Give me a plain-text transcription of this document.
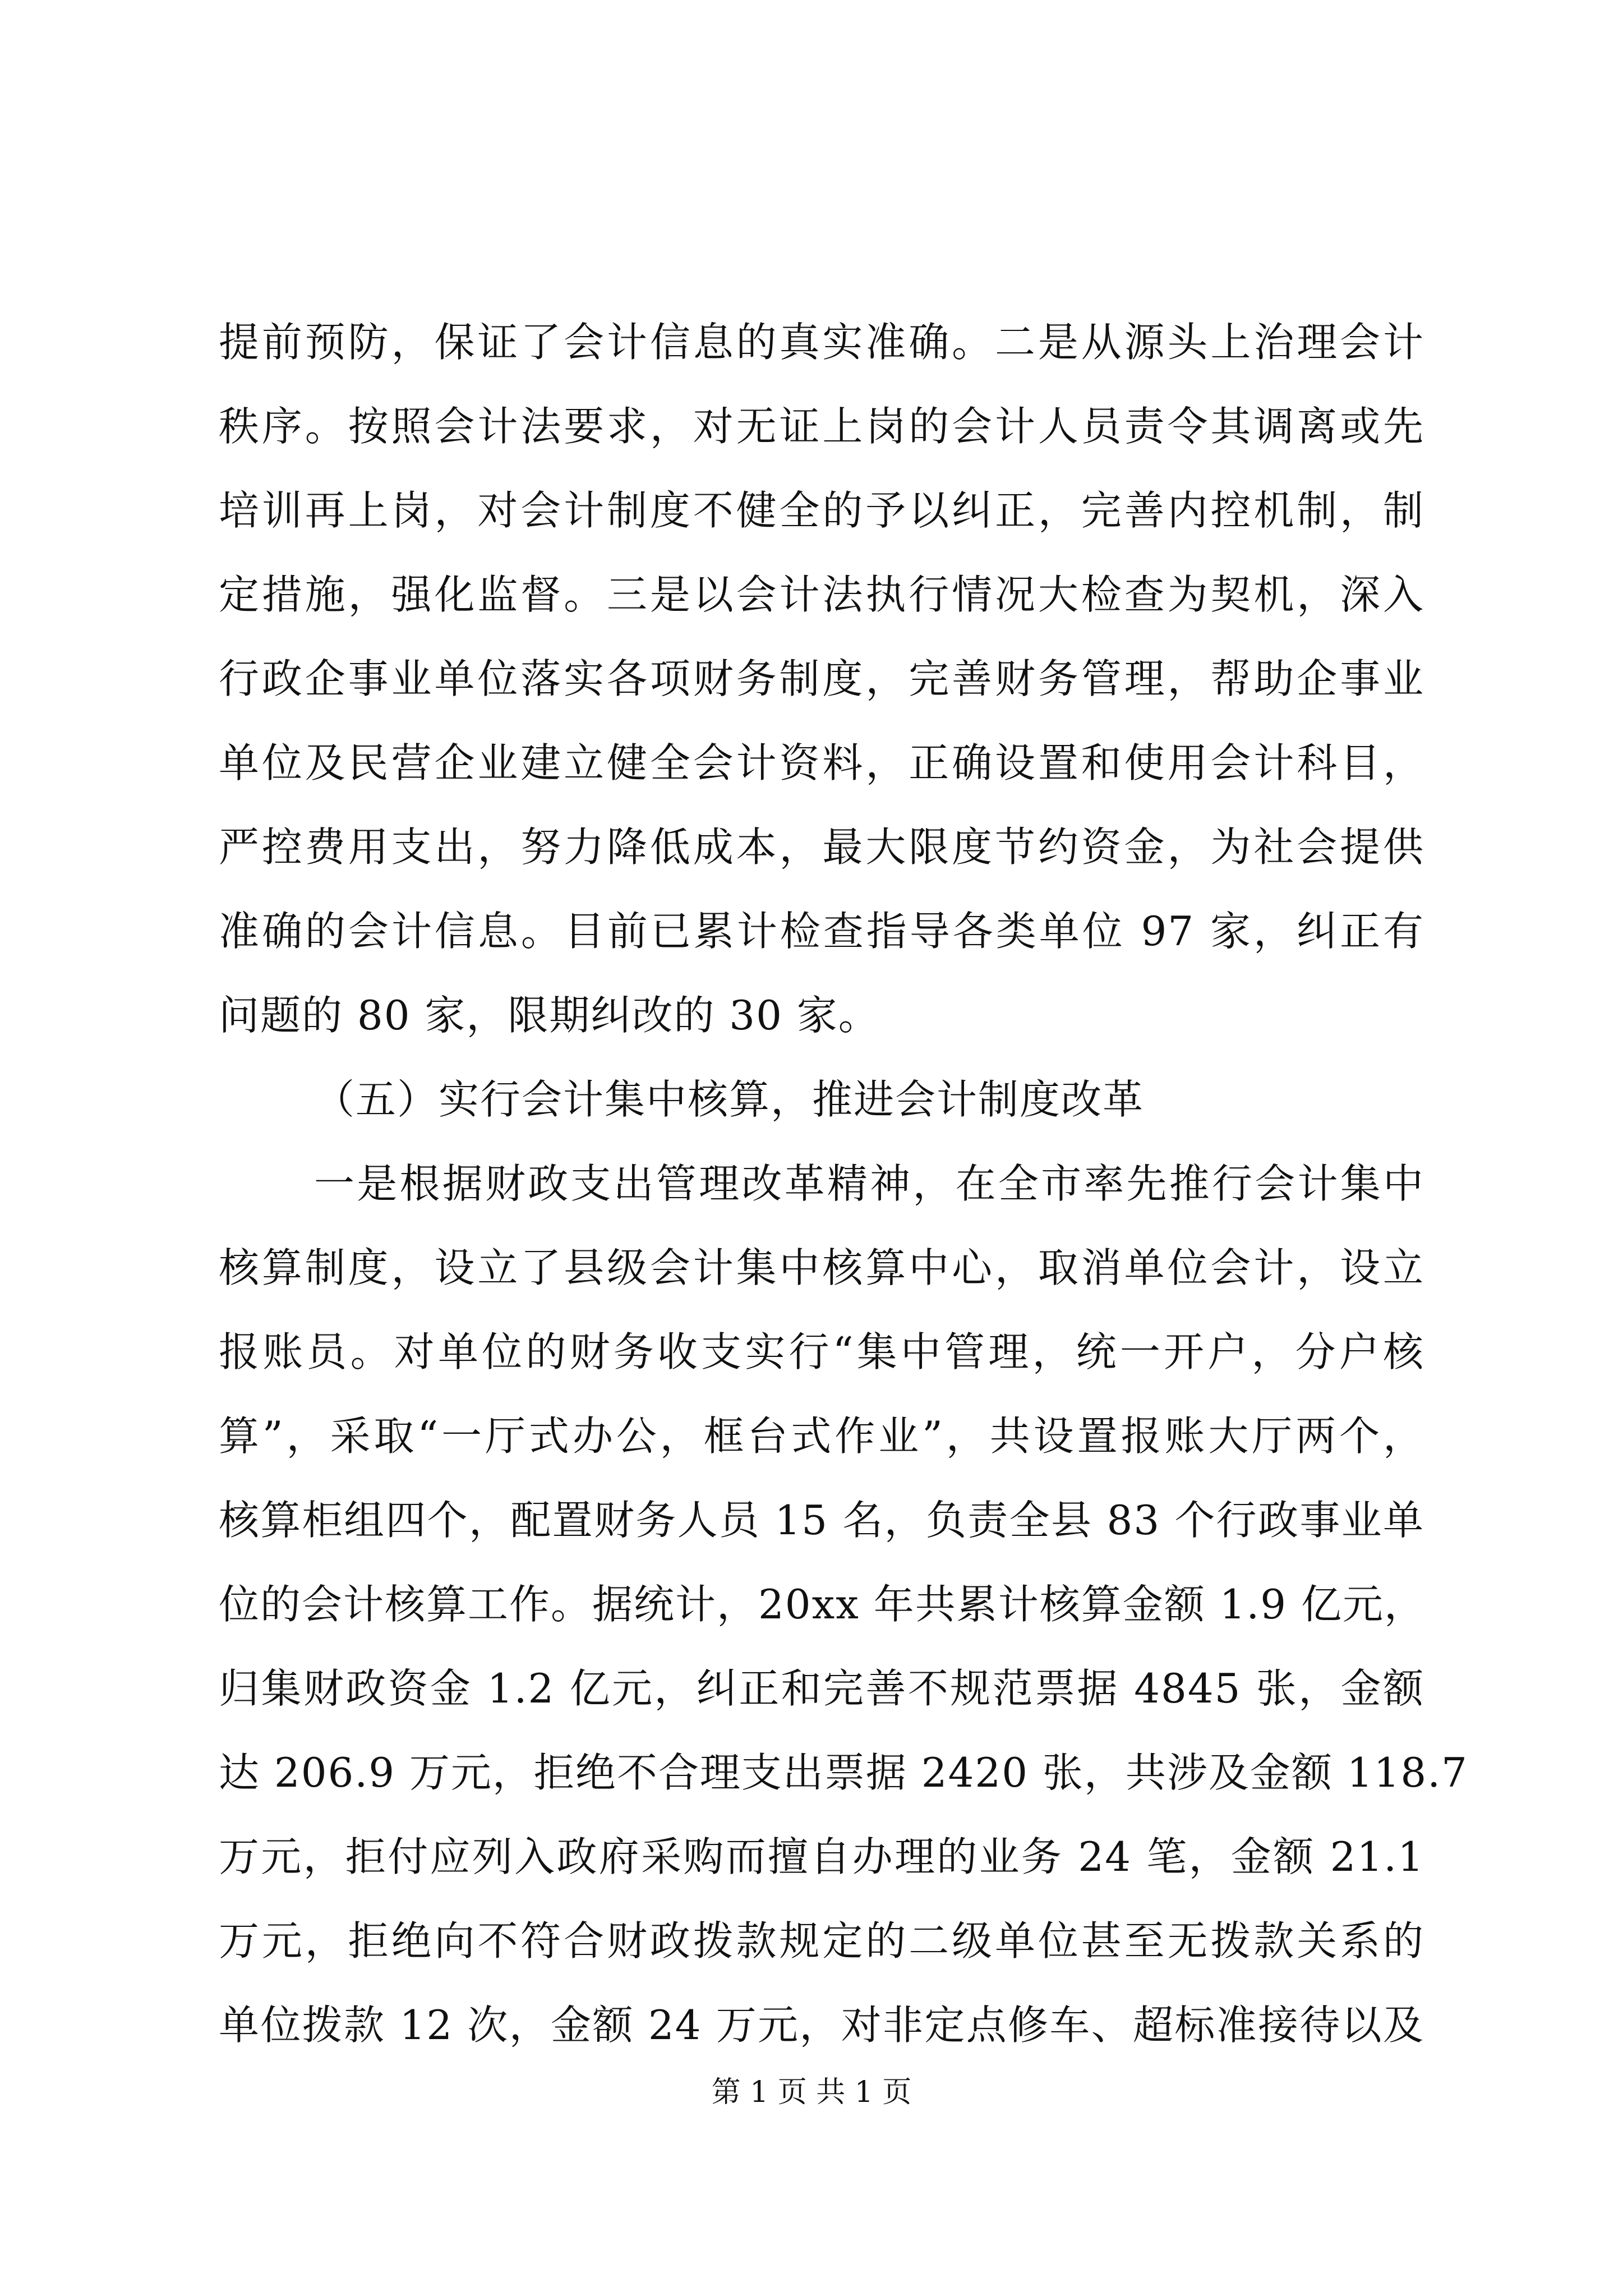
提前预防，保证了会计信息的真实准确。二是从源头上治理会计
秩序。按照会计法要求，对无证上岗的会计人员责令其调离或先
培训再上岗，对会计制度不健全的予以纠正，完善内控机制，制
定措施，强化监督。三是以会计法执行情况大检查为契机，深入
行政企事业单位落实各项财务制度，完善财务管理，帮助企事业
单位及民营企业建立健全会计资料，正确设置和使用会计科目，
严控费用支出，努力降低成本，最大限度节约资金，为社会提供
准确的会计信息。目前已累计检查指导各类单位 97 家，纠正有
问题的 80 家，限期纠改的 30 家。
（五）实行会计集中核算，推进会计制度改革
一是根据财政支出管理改革精神，在全市率先推行会计集中
核算制度，设立了县级会计集中核算中心，取消单位会计，设立
报账员。对单位的财务收支实行“集中管理，统一开户，分户核
算”，采取“一厅式办公，框台式作业”，共设置报账大厅两个，
核算柜组四个，配置财务人员 15 名，负责全县 83 个行政事业单
位的会计核算工作。据统计，20xx 年共累计核算金额 1.9 亿元，
归集财政资金 1.2 亿元，纠正和完善不规范票据 4845 张，金额
达 206.9 万元，拒绝不合理支出票据 2420 张，共涉及金额 118.7
万元，拒付应列入政府采购而擅自办理的业务 24 笔，金额 21.1
万元，拒绝向不符合财政拨款规定的二级单位甚至无拨款关系的
单位拨款 12 次，金额 24 万元，对非定点修车、超标准接待以及
第 1 页 共 1 页
